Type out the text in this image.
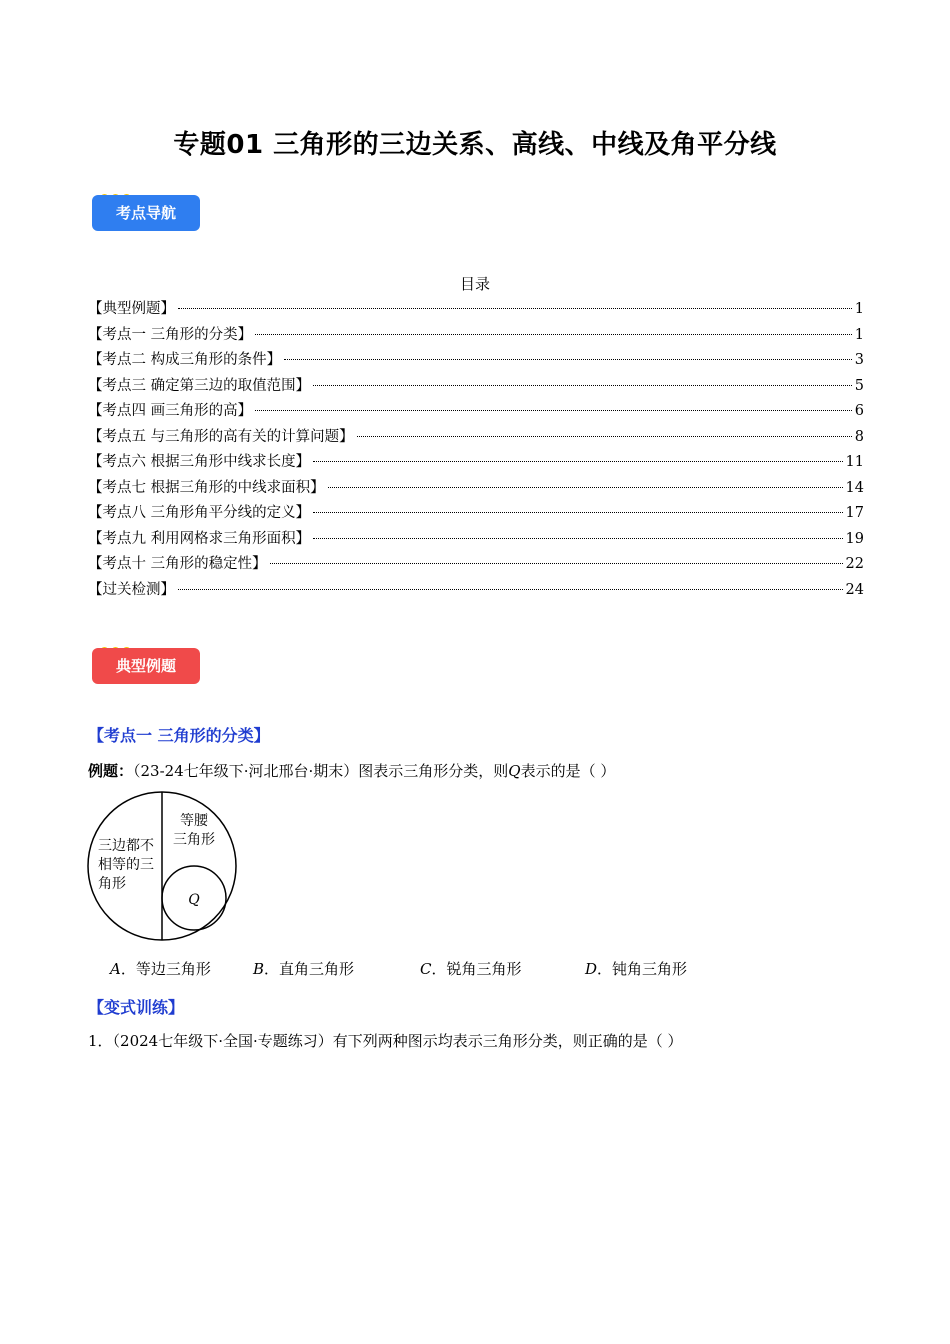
专题01 三角形的三边关系、高线、中线及角平分线
考点导航
目录
【典型例题】	1
【考点一 三角形的分类】	1
【考点二 构成三角形的条件】	3
【考点三 确定第三边的取值范围】	5
【考点四 画三角形的高】	6
【考点五 与三角形的高有关的计算问题】	8
【考点六 根据三角形中线求长度】	11
【考点七 根据三角形的中线求面积】	14
【考点八 三角形角平分线的定义】	17
【考点九 利用网格求三角形面积】	19
【考点十 三角形的稳定性】	22
【过关检测】	24
典型例题
【考点一 三角形的分类】
例题：（23-24七年级下·河北邢台·期末）图表示三角形分类，则Q表示的是（ ）
三边都不
相等的三
角形
等腰
三角形
Q
A．等边三角形	B．直角三角形	C．锐角三角形	D．钝角三角形
【变式训练】
1．（2024七年级下·全国·专题练习）有下列两种图示均表示三角形分类，则正确的是（ ）
